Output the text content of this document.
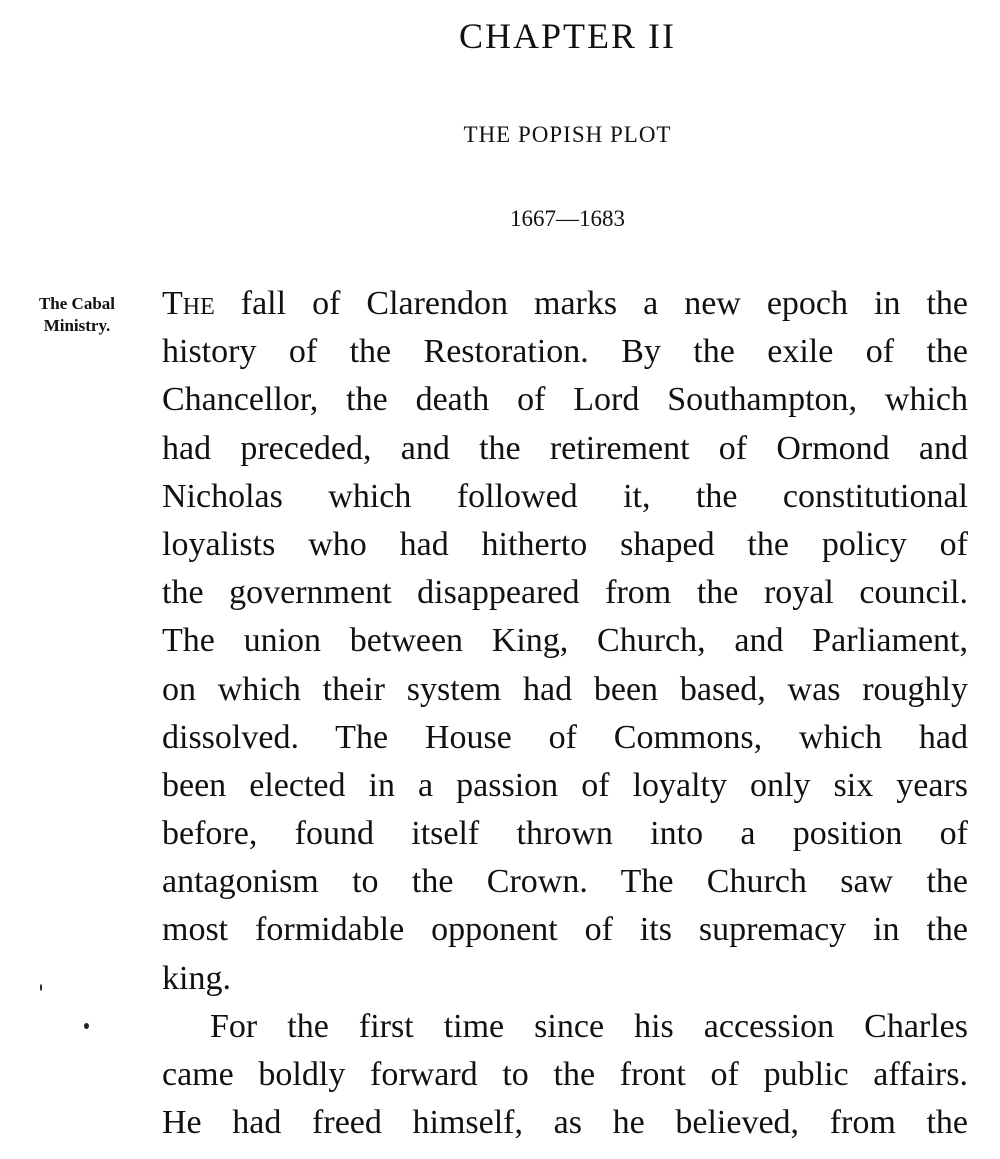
CHAPTER II
THE POPISH PLOT
1667—1683
The Cabal
Ministry.
The fall of Clarendon marks a new epoch in the
history of the Restoration. By the exile of the
Chancellor, the death of Lord Southampton, which
had preceded, and the retirement of Ormond and
Nicholas which followed it, the constitutional
loyalists who had hitherto shaped the policy of
the government disappeared from the royal council.
The union between King, Church, and Parliament,
on which their system had been based, was roughly
dissolved. The House of Commons, which had
been elected in a passion of loyalty only six years
before, found itself thrown into a position of
antagonism to the Crown. The Church saw the
most formidable opponent of its supremacy in the
king.
For the first time since his accession Charles
came boldly forward to the front of public affairs.
He had freed himself, as he believed, from the
